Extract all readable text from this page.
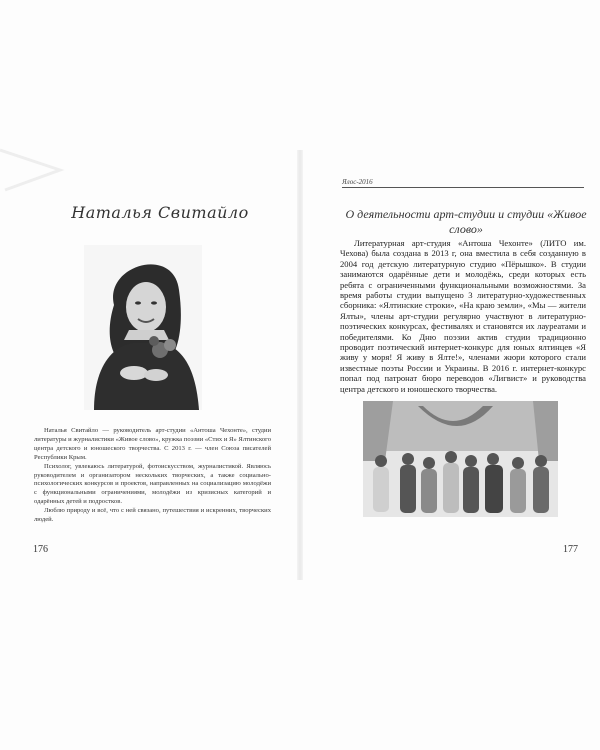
Наталья Свитайло

Наталья Свитайло — руководитель арт-студии «Антоша Чехонте», студии литературы и журналистики «Живое слово», кружка поэзии «Стих и Я» Ялтинского центра детского и юношеского творчества. С 2013 г. — член Союза писателей Республики Крым.

Психолог, увлекаюсь литературой, фотоискусством, журналистикой. Являюсь руководителем и организатором нескольких творческих, а также социально-психологических конкурсов и проектов, направленных на социализацию молодёжи с функциональными ограничениями, молодёжи из кризисных категорий и одарённых детей и подростков.

Люблю природу и всё, что с ней связано, путешествия и искренних, творческих людей.

176
Ялос-2016
О деятельности арт-студии и студии «Живое слово»

Литературная арт-студия «Антоша Чехонте» (ЛИТО им. Чехова) была создана в 2013 г, она вместила в себя созданную в 2004 год детскую литературную студию «Пёрышко». В студии занимаются одарённые дети и молодёжь, среди которых есть ребята с ограниченными функциональными возможностями. За время работы студии выпущено 3 литературно-художественных сборника: «Ялтинские строки», «На краю земли», «Мы — жители Ялты», члены арт-студии регулярно участвуют в литературно-поэтических конкурсах, фестивалях и становятся их лауреатами и победителями. Ко Дню поэзии актив студии традиционно проводит поэтический интернет-конкурс для юных ялтинцев «Я живу у моря! Я живу в Ялте!», членами жюри которого стали известные поэты России и Украины. В 2016 г. интернет-конкурс попал под патронат бюро переводов «Лигвист» и руководства центра детского и юношеского творчества.

177
